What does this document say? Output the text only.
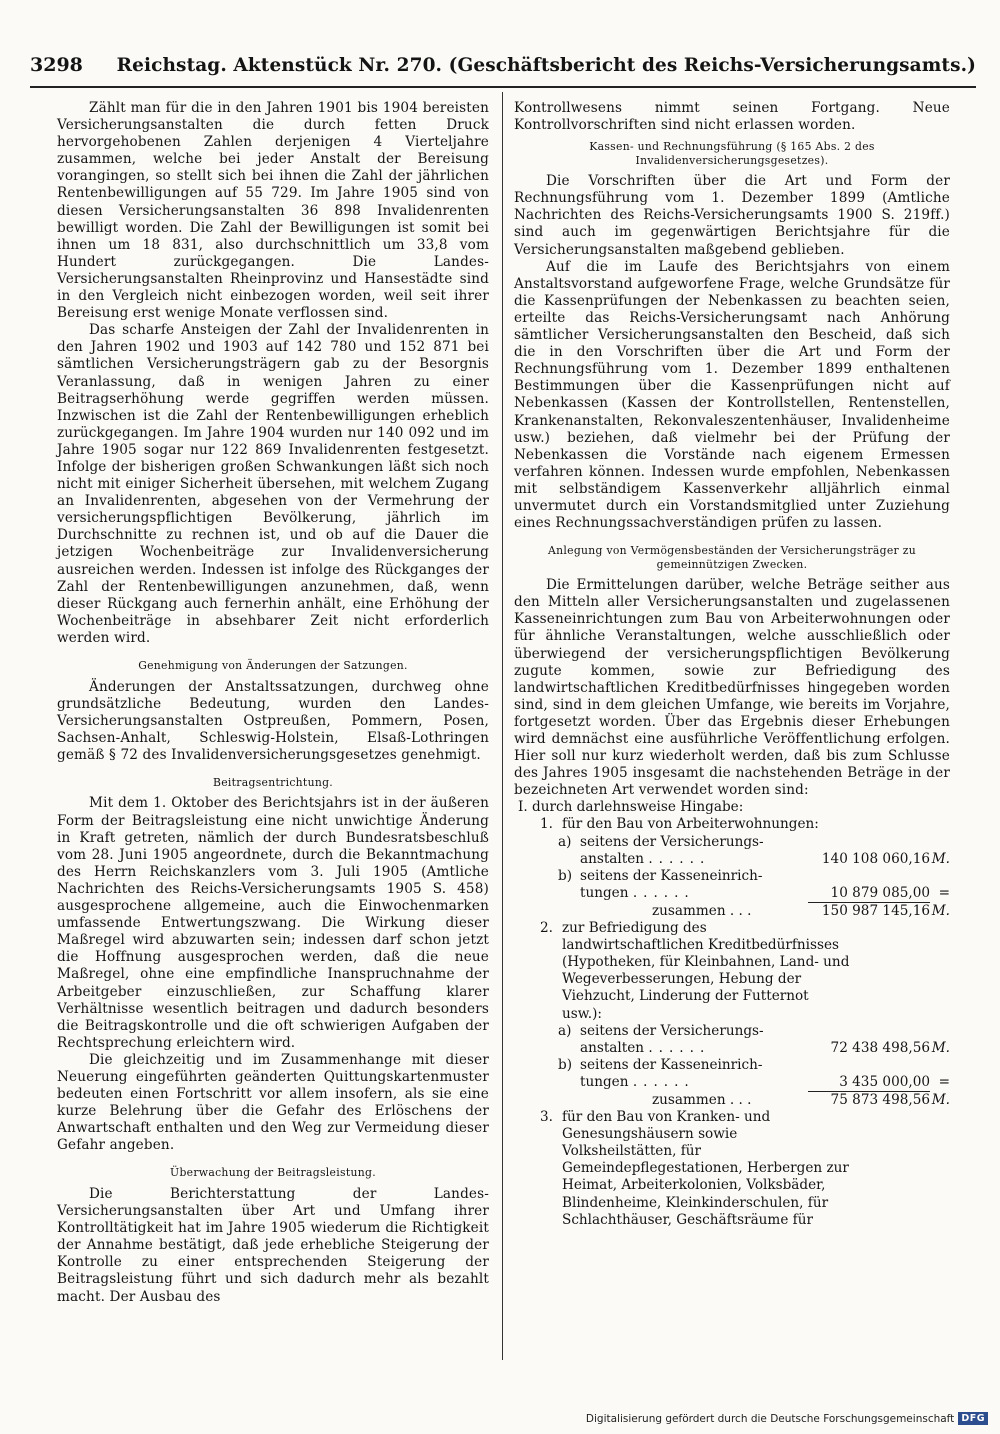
3298	Reichstag. Aktenstück Nr. 270. (Geschäftsbericht des Reichs-Versicherungsamts.)

Zählt man für die in den Jahren 1901 bis 1904 bereisten Versicherungsanstalten die durch fetten Druck hervorgehobenen Zahlen derjenigen 4 Vierteljahre zusammen, welche bei jeder Anstalt der Bereisung vorangingen, so stellt sich bei ihnen die Zahl der jährlichen Rentenbewilligungen auf 55 729. Im Jahre 1905 sind von diesen Versicherungsanstalten 36 898 Invalidenrenten bewilligt worden. Die Zahl der Bewilligungen ist somit bei ihnen um 18 831, also durchschnittlich um 33,8 vom Hundert zurückgegangen. Die Landes-Versicherungsanstalten Rheinprovinz und Hansestädte sind in den Vergleich nicht einbezogen worden, weil seit ihrer Bereisung erst wenige Monate verflossen sind.

Das scharfe Ansteigen der Zahl der Invalidenrenten in den Jahren 1902 und 1903 auf 142 780 und 152 871 bei sämtlichen Versicherungsträgern gab zu der Besorgnis Veranlassung, daß in wenigen Jahren zu einer Beitragserhöhung werde gegriffen werden müssen. Inzwischen ist die Zahl der Rentenbewilligungen erheblich zurückgegangen. Im Jahre 1904 wurden nur 140 092 und im Jahre 1905 sogar nur 122 869 Invalidenrenten festgesetzt. Infolge der bisherigen großen Schwankungen läßt sich noch nicht mit einiger Sicherheit übersehen, mit welchem Zugang an Invalidenrenten, abgesehen von der Vermehrung der versicherungspflichtigen Bevölkerung, jährlich im Durchschnitte zu rechnen ist, und ob auf die Dauer die jetzigen Wochenbeiträge zur Invalidenversicherung ausreichen werden. Indessen ist infolge des Rückganges der Zahl der Rentenbewilligungen anzunehmen, daß, wenn dieser Rückgang auch fernerhin anhält, eine Erhöhung der Wochenbeiträge in absehbarer Zeit nicht erforderlich werden wird.

Genehmigung von Änderungen der Satzungen.

Änderungen der Anstaltssatzungen, durchweg ohne grundsätzliche Bedeutung, wurden den Landes-Versicherungsanstalten Ostpreußen, Pommern, Posen, Sachsen-Anhalt, Schleswig-Holstein, Elsaß-Lothringen gemäß § 72 des Invalidenversicherungsgesetzes genehmigt.

Beitragsentrichtung.

Mit dem 1. Oktober des Berichtsjahrs ist in der äußeren Form der Beitragsleistung eine nicht unwichtige Änderung in Kraft getreten, nämlich der durch Bundesratsbeschluß vom 28. Juni 1905 angeordnete, durch die Bekanntmachung des Herrn Reichskanzlers vom 3. Juli 1905 (Amtliche Nachrichten des Reichs-Versicherungsamts 1905 S. 458) ausgesprochene allgemeine, auch die Einwochenmarken umfassende Entwertungszwang. Die Wirkung dieser Maßregel wird abzuwarten sein; indessen darf schon jetzt die Hoffnung ausgesprochen werden, daß die neue Maßregel, ohne eine empfindliche Inanspruchnahme der Arbeitgeber einzuschließen, zur Schaffung klarer Verhältnisse wesentlich beitragen und dadurch besonders die Beitragskontrolle und die oft schwierigen Aufgaben der Rechtsprechung erleichtern wird.

Die gleichzeitig und im Zusammenhange mit dieser Neuerung eingeführten geänderten Quittungskartenmuster bedeuten einen Fortschritt vor allem insofern, als sie eine kurze Belehrung über die Gefahr des Erlöschens der Anwartschaft enthalten und den Weg zur Vermeidung dieser Gefahr angeben.

Überwachung der Beitragsleistung.

Die Berichterstattung der Landes-Versicherungsanstalten über Art und Umfang ihrer Kontrolltätigkeit hat im Jahre 1905 wiederum die Richtigkeit der Annahme bestätigt, daß jede erhebliche Steigerung der Kontrolle zu einer entsprechenden Steigerung der Beitragsleistung führt und sich dadurch mehr als bezahlt macht. Der Ausbau des

Kontrollwesens nimmt seinen Fortgang. Neue Kontrollvorschriften sind nicht erlassen worden.

Kassen- und Rechnungsführung (§ 165 Abs. 2 des Invalidenversicherungsgesetzes).

Die Vorschriften über die Art und Form der Rechnungsführung vom 1. Dezember 1899 (Amtliche Nachrichten des Reichs-Versicherungsamts 1900 S. 219ff.) sind auch im gegenwärtigen Berichtsjahre für die Versicherungsanstalten maßgebend geblieben.

Auf die im Laufe des Berichtsjahrs von einem Anstaltsvorstand aufgeworfene Frage, welche Grundsätze für die Kassenprüfungen der Nebenkassen zu beachten seien, erteilte das Reichs-Versicherungsamt nach Anhörung sämtlicher Versicherungsanstalten den Bescheid, daß sich die in den Vorschriften über die Art und Form der Rechnungsführung vom 1. Dezember 1899 enthaltenen Bestimmungen über die Kassenprüfungen nicht auf Nebenkassen (Kassen der Kontrollstellen, Rentenstellen, Krankenanstalten, Rekonvaleszentenhäuser, Invalidenheime usw.) beziehen, daß vielmehr bei der Prüfung der Nebenkassen die Vorstände nach eigenem Ermessen verfahren können. Indessen wurde empfohlen, Nebenkassen mit selbständigem Kassenverkehr alljährlich einmal unvermutet durch ein Vorstandsmitglied unter Zuziehung eines Rechnungssachverständigen prüfen zu lassen.

Anlegung von Vermögensbeständen der Versicherungsträger zu gemeinnützigen Zwecken.

Die Ermittelungen darüber, welche Beträge seither aus den Mitteln aller Versicherungsanstalten und zugelassenen Kasseneinrichtungen zum Bau von Arbeiterwohnungen oder für ähnliche Veranstaltungen, welche ausschließlich oder überwiegend der versicherungspflichtigen Bevölkerung zugute kommen, sowie zur Befriedigung des landwirtschaftlichen Kreditbedürfnisses hingegeben worden sind, sind in dem gleichen Umfange, wie bereits im Vorjahre, fortgesetzt worden. Über das Ergebnis dieser Erhebungen wird demnächst eine ausführliche Veröffentlichung erfolgen. Hier soll nur kurz wiederholt werden, daß bis zum Schlusse des Jahres 1905 insgesamt die nachstehenden Beträge in der bezeichneten Art verwendet worden sind:

I. durch darlehnsweise Hingabe:
1. für den Bau von Arbeiterwohnungen:
a) seitens der Versicherungs-
anstalten ......	140 108 060,16 M.
b) seitens der Kasseneinrich-
tungen ......	10 879 085,00 =
zusammen . . .	150 987 145,16 M.
2. zur Befriedigung des landwirtschaftlichen Kreditbedürfnisses (Hypotheken, für Kleinbahnen, Land- und Wegeverbesserungen, Hebung der Viehzucht, Linderung der Futternot usw.):
a) seitens der Versicherungs-
anstalten ......	72 438 498,56 M.
b) seitens der Kasseneinrich-
tungen ......	3 435 000,00 =
zusammen . . .	75 873 498,56 M.
3. für den Bau von Kranken- und Genesungshäusern sowie Volksheilstätten, für Gemeindepflegestationen, Herbergen zur Heimat, Arbeiterkolonien, Volksbäder, Blindenheime, Kleinkinderschulen, für Schlachthäuser, Geschäftsräume für
Digitalisierung gefördert durch die Deutsche Forschungsgemeinschaft DFG
